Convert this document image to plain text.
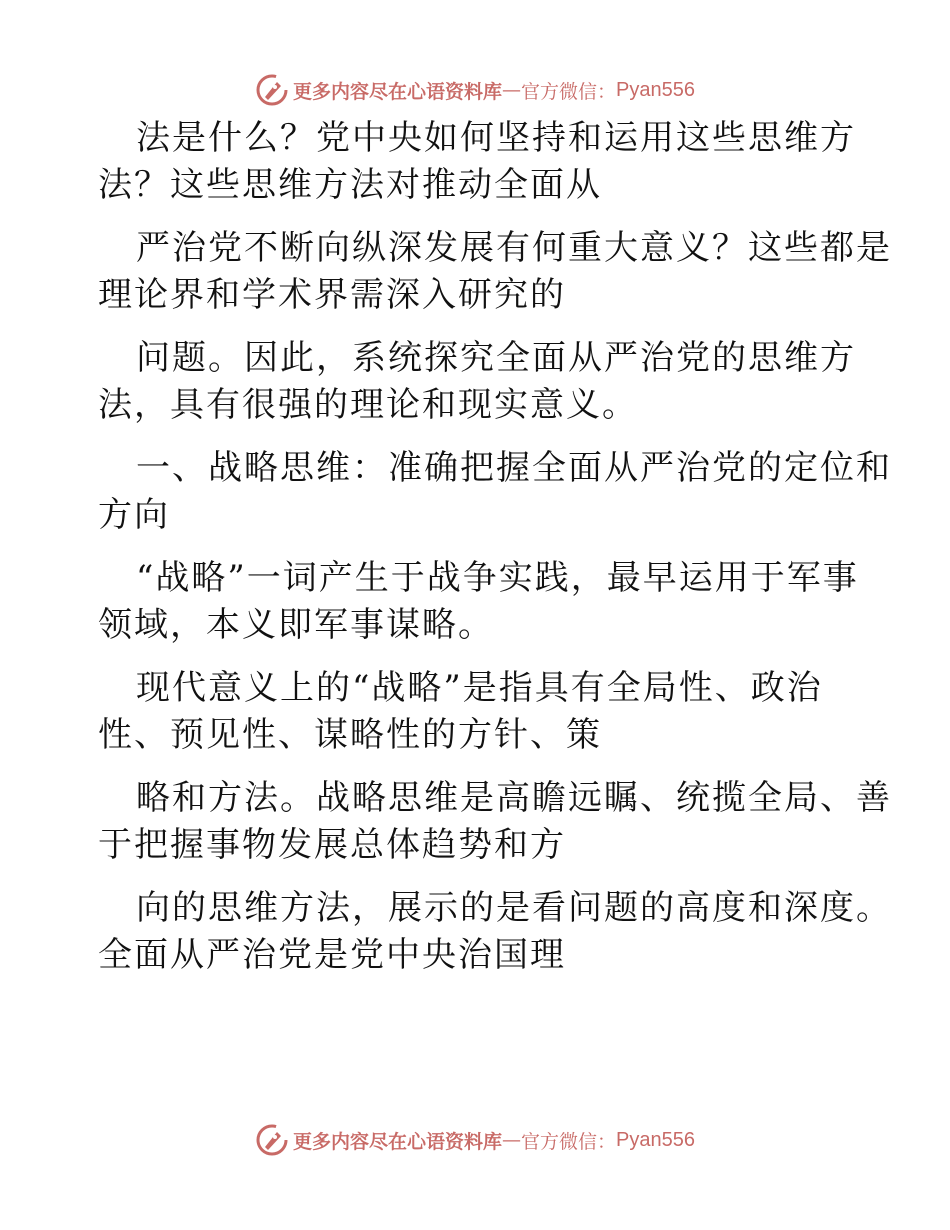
更多内容尽在心语资料库 — 官方微信： Pyan556
法是什么？党中央如何坚持和运用这些思维方
法？这些思维方法对推动全面从
严治党不断向纵深发展有何重大意义？这些都是
理论界和学术界需深入研究的
问题。因此，系统探究全面从严治党的思维方
法，具有很强的理论和现实意义。
一、战略思维：准确把握全面从严治党的定位和
方向
“战略”一词产生于战争实践，最早运用于军事
领域，本义即军事谋略。
现代意义上的“战略”是指具有全局性、政治
性、预见性、谋略性的方针、策
略和方法。战略思维是高瞻远瞩、统揽全局、善
于把握事物发展总体趋势和方
向的思维方法，展示的是看问题的高度和深度。
全面从严治党是党中央治国理
更多内容尽在心语资料库 — 官方微信： Pyan556
